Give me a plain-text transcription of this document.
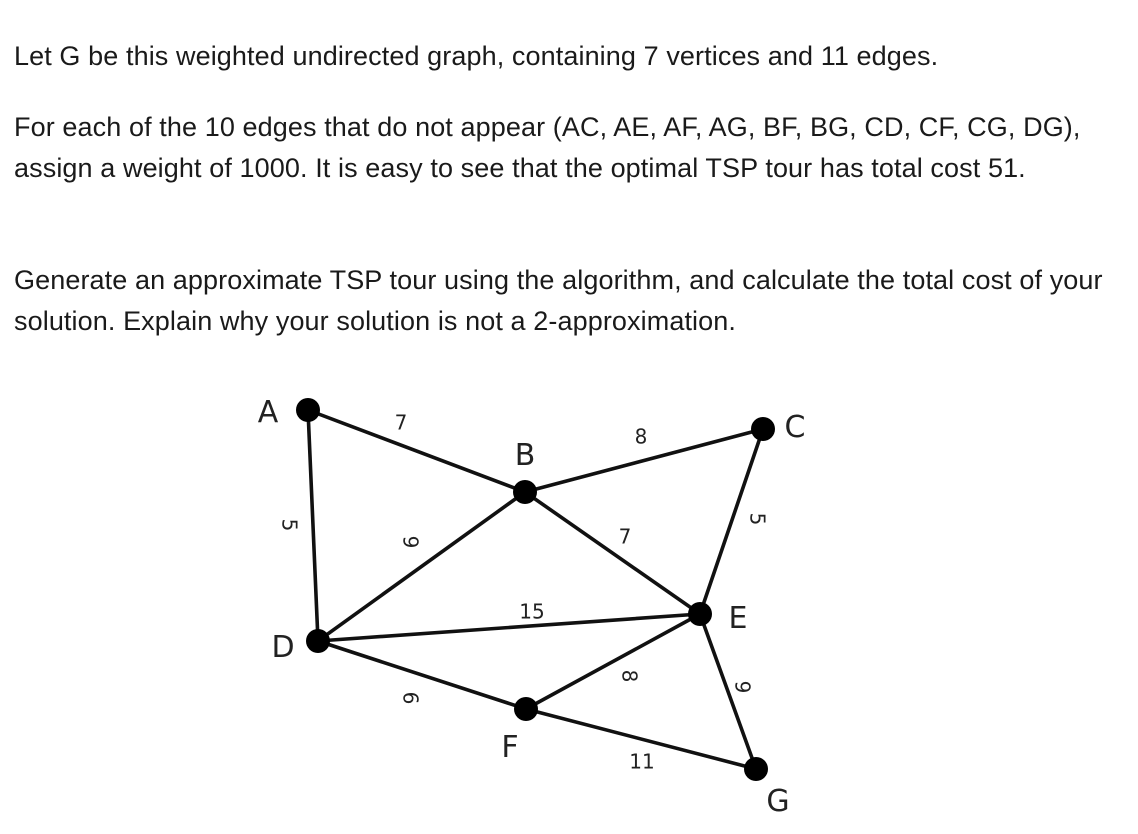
Let G be this weighted undirected graph, containing 7 vertices and 11 edges.

For each of the 10 edges that do not appear (AC, AE, AF, AG, BF, BG, CD, CF, CG, DG), assign a weight of 1000. It is easy to see that the optimal TSP tour has total cost 51.

Generate an approximate TSP tour using the algorithm, and calculate the total cost of your solution. Explain why your solution is not a 2-approximation.

7
5
8
9	7
5
15
6
8
9
11
A
B
C
D
E
F
G
